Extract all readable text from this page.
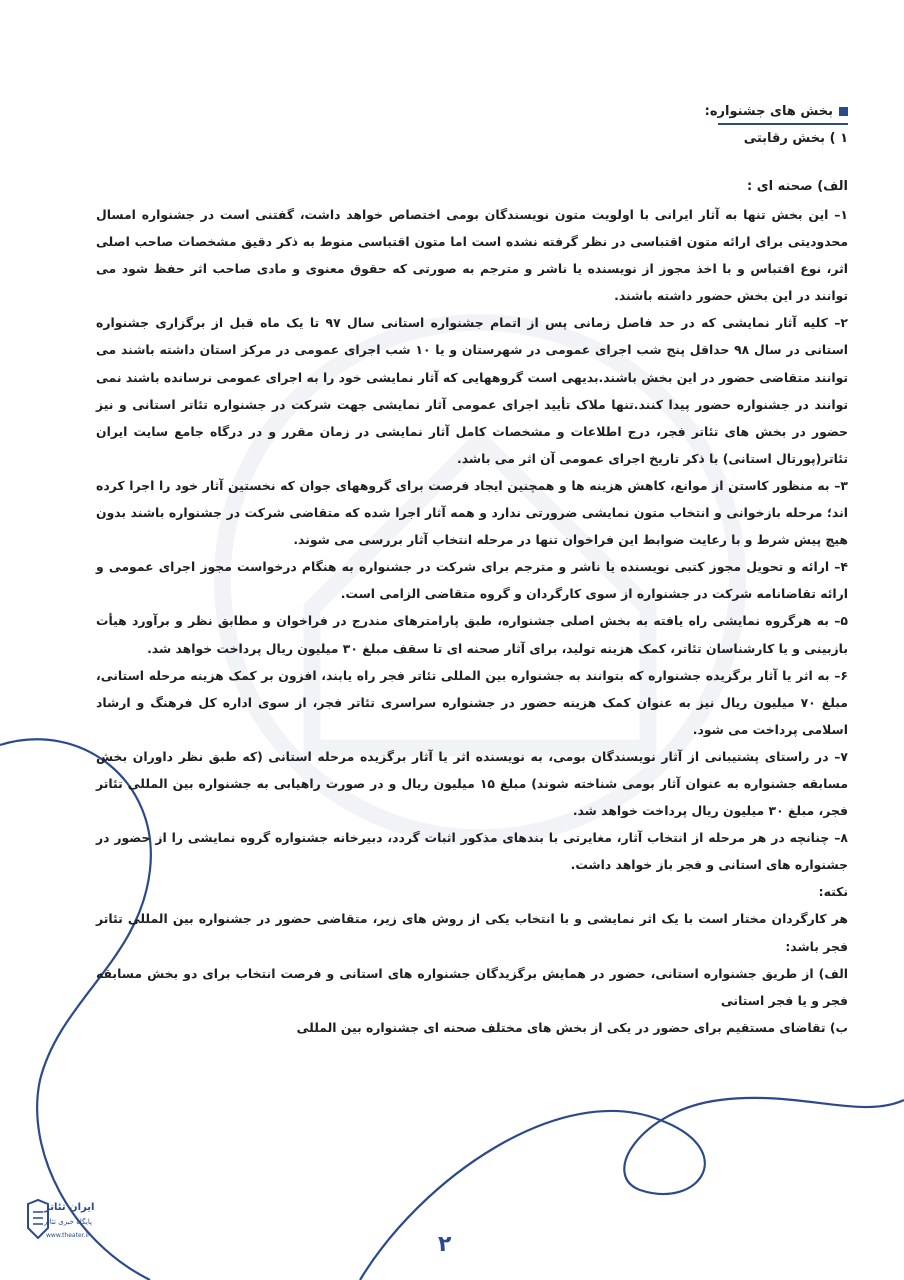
بخش های جشنواره:
۱ ) بخش رقابتی
الف) صحنه ای :

۱– این بخش تنها به آثار ایرانی با اولویت متون نویسندگان بومی اختصاص خواهد داشت، گفتنی است در جشنواره امسال محدودیتی برای ارائه متون اقتباسی در نظر گرفته نشده است اما متون اقتباسی منوط به ذکر دقیق مشخصات صاحب اصلی اثر، نوع اقتباس و با اخذ مجوز از نویسنده یا ناشر و مترجم به صورتی که حقوق معنوی و مادی صاحب اثر حفظ شود می توانند در این بخش حضور داشته باشند.

۲– کلیه آثار نمایشی که در حد فاصل زمانی پس از اتمام جشنواره استانی سال ۹۷ تا یک ماه قبل از برگزاری جشنواره استانی در سال ۹۸ حداقل پنج شب اجرای عمومی در شهرستان و یا ۱۰ شب اجرای عمومی در مرکز استان داشته باشند می توانند متقاضی حضور در این بخش باشند.بدیهی است گروههایی که آثار نمایشی خود را به اجرای عمومی نرسانده باشند نمی توانند در جشنواره حضور پیدا کنند.تنها ملاک تأیید اجرای عمومی آثار نمایشی جهت شرکت در جشنواره تئاتر استانی و نیز حضور در بخش های تئاتر فجر، درج اطلاعات و مشخصات کامل آثار نمایشی در زمان مقرر و در درگاه جامع سایت ایران تئاتر(پورتال استانی) با ذکر تاریخ اجرای عمومی آن اثر می باشد.

۳– به منظور کاستن از موانع، کاهش هزینه ها و همچنین ایجاد فرصت برای گروههای جوان که نخستین آثار خود را اجرا کرده اند؛ مرحله بازخوانی و انتخاب متون نمایشی ضرورتی ندارد و همه آثار اجرا شده که متقاضی شرکت در جشنواره باشند بدون هیچ پیش شرط و با رعایت ضوابط این فراخوان تنها در مرحله انتخاب آثار بررسی می شوند.

۴– ارائه و تحویل مجوز کتبی نویسنده یا ناشر و مترجم برای شرکت در جشنواره به هنگام درخواست مجوز اجرای عمومی و ارائه تقاضانامه شرکت در جشنواره از سوی کارگردان و گروه متقاضی الزامی است.

۵– به هرگروه نمایشی راه یافته به بخش اصلی جشنواره، طبق پارامترهای مندرج در فراخوان و مطابق نظر و برآورد هیأت بازبینی و یا کارشناسان تئاتر، کمک هزینه تولید، برای آثار صحنه ای تا سقف مبلغ ۳۰ میلیون ریال پرداخت خواهد شد.

۶– به اثر یا آثار برگزیده جشنواره که بتوانند به جشنواره بین المللی تئاتر فجر راه یابند، افزون بر کمک هزینه مرحله استانی، مبلغ ۷۰ میلیون ریال نیز به عنوان کمک هزینه حضور در جشنواره سراسری تئاتر فجر، از سوی اداره کل فرهنگ و ارشاد اسلامی پرداخت می شود.

۷– در راستای پشتیبانی از آثار نویسندگان بومی، به نویسنده اثر یا آثار برگزیده مرحله استانی (که طبق نظر داوران بخش مسابقه جشنواره به عنوان آثار بومی شناخته شوند) مبلغ ۱۵ میلیون ریال و در صورت راهیابی به جشنواره بین المللی تئاتر فجر، مبلغ ۳۰ میلیون ریال پرداخت خواهد شد.

۸– چنانچه در هر مرحله از انتخاب آثار، مغایرتی با بندهای مذکور اثبات گردد، دبیرخانه جشنواره گروه نمایشی را از حضور در جشنواره های استانی و فجر باز خواهد داشت.

نکته:

هر کارگردان مختار است با یک اثر نمایشی و با انتخاب یکی از روش های زیر، متقاضی حضور در جشنواره بین المللی تئاتر فجر باشد:

الف) از طریق جشنواره استانی، حضور در همایش برگزیدگان جشنواره های استانی و فرصت انتخاب برای دو بخش مسابقه فجر و یا فجر استانی

ب) تقاضای مستقیم برای حضور در یکی از بخش های مختلف صحنه ای جشنواره بین المللی

ایران تئاتر
پایگاه خبری تئاتر
www.theater.ir	۲
